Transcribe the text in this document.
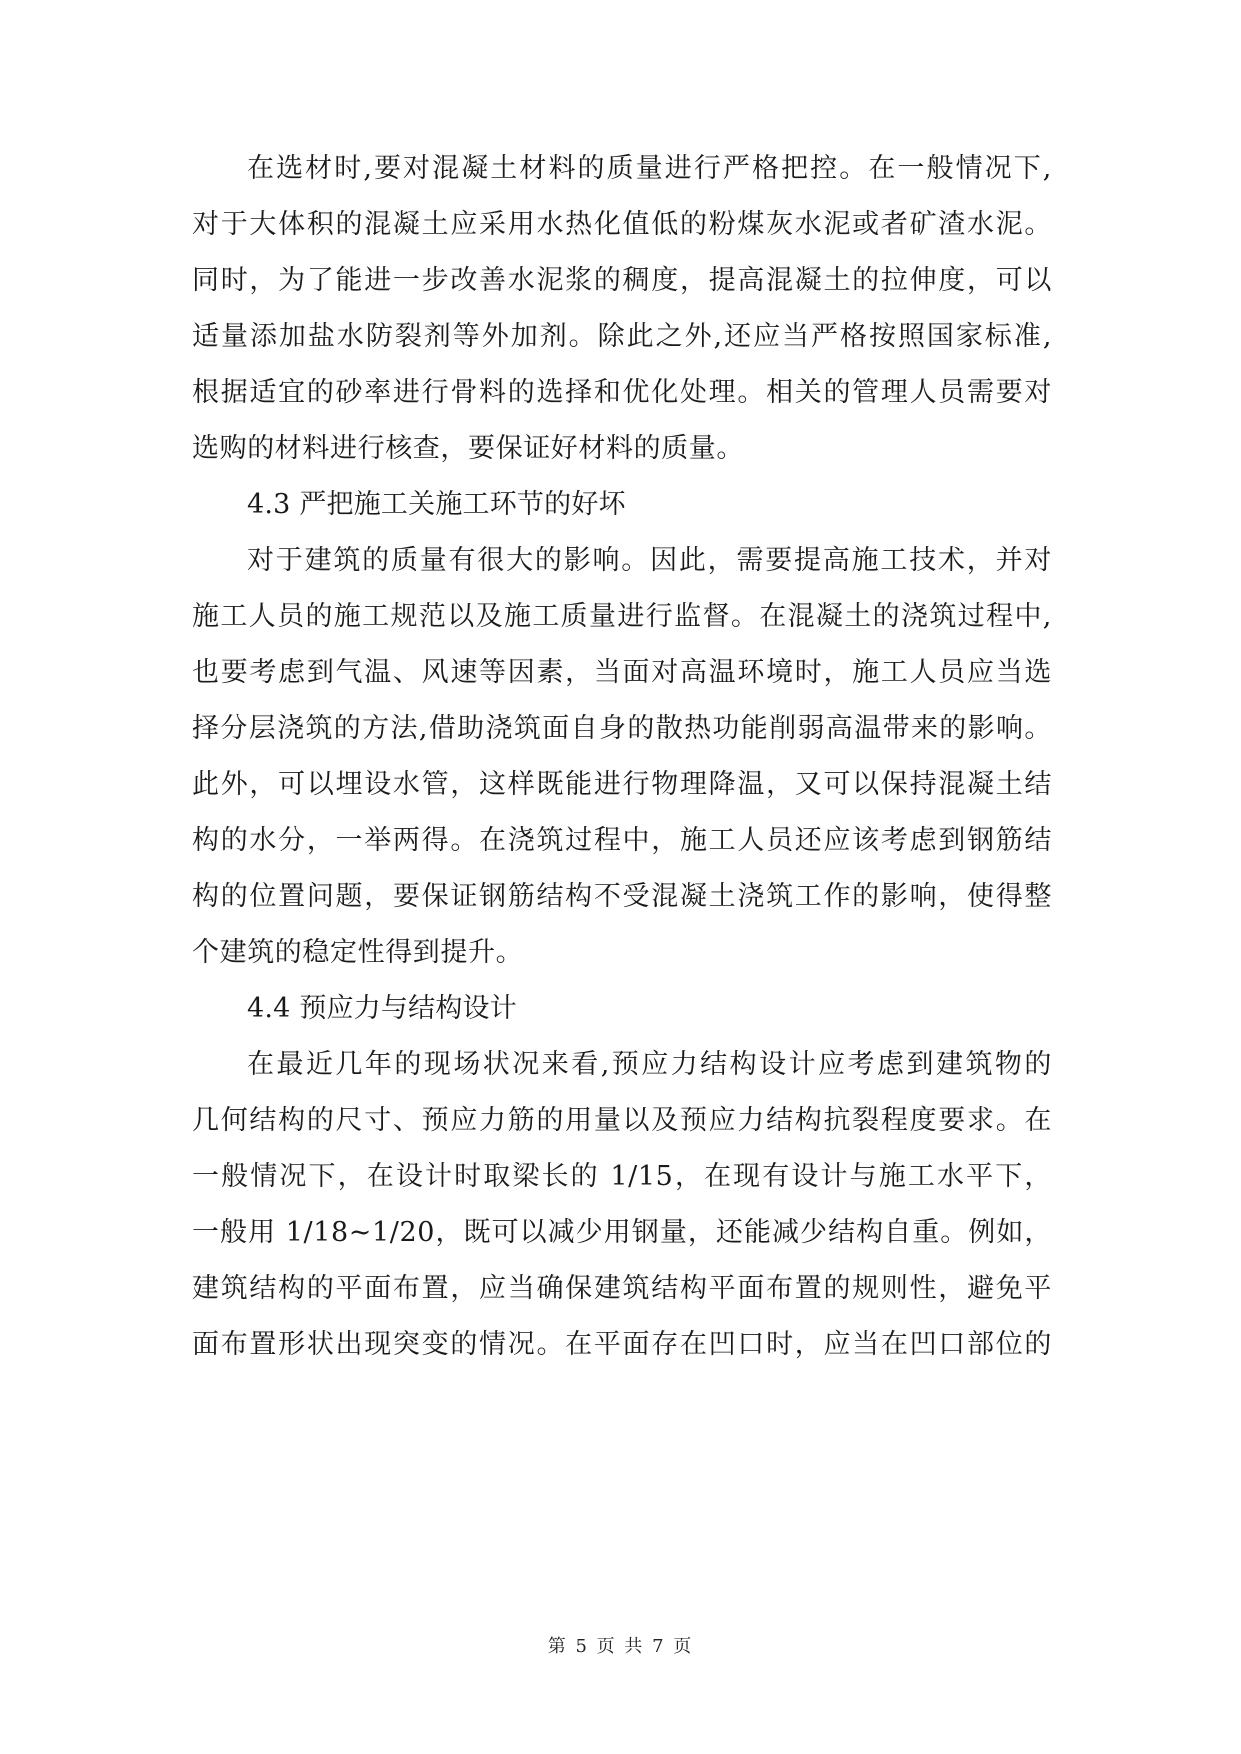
在选材时,要对混凝土材料的质量进行严格把控。在一般情况下,
对于大体积的混凝土应采用水热化值低的粉煤灰水泥或者矿渣水泥。
同时，为了能进一步改善水泥浆的稠度，提高混凝土的拉伸度，可以
适量添加盐水防裂剂等外加剂。除此之外,还应当严格按照国家标准,
根据适宜的砂率进行骨料的选择和优化处理。相关的管理人员需要对
选购的材料进行核查，要保证好材料的质量。
4.3 严把施工关施工环节的好坏
对于建筑的质量有很大的影响。因此，需要提高施工技术，并对
施工人员的施工规范以及施工质量进行监督。在混凝土的浇筑过程中,
也要考虑到气温、风速等因素，当面对高温环境时，施工人员应当选
择分层浇筑的方法,借助浇筑面自身的散热功能削弱高温带来的影响。
此外，可以埋设水管，这样既能进行物理降温，又可以保持混凝土结
构的水分，一举两得。在浇筑过程中，施工人员还应该考虑到钢筋结
构的位置问题，要保证钢筋结构不受混凝土浇筑工作的影响，使得整
个建筑的稳定性得到提升。
4.4 预应力与结构设计
在最近几年的现场状况来看,预应力结构设计应考虑到建筑物的
几何结构的尺寸、预应力筋的用量以及预应力结构抗裂程度要求。在
一般情况下，在设计时取梁长的 1/15，在现有设计与施工水平下，
一般用 1/18~1/20，既可以减少用钢量，还能减少结构自重。例如，
建筑结构的平面布置，应当确保建筑结构平面布置的规则性，避免平
面布置形状出现突变的情况。在平面存在凹口时，应当在凹口部位的
第 5 页 共 7 页
